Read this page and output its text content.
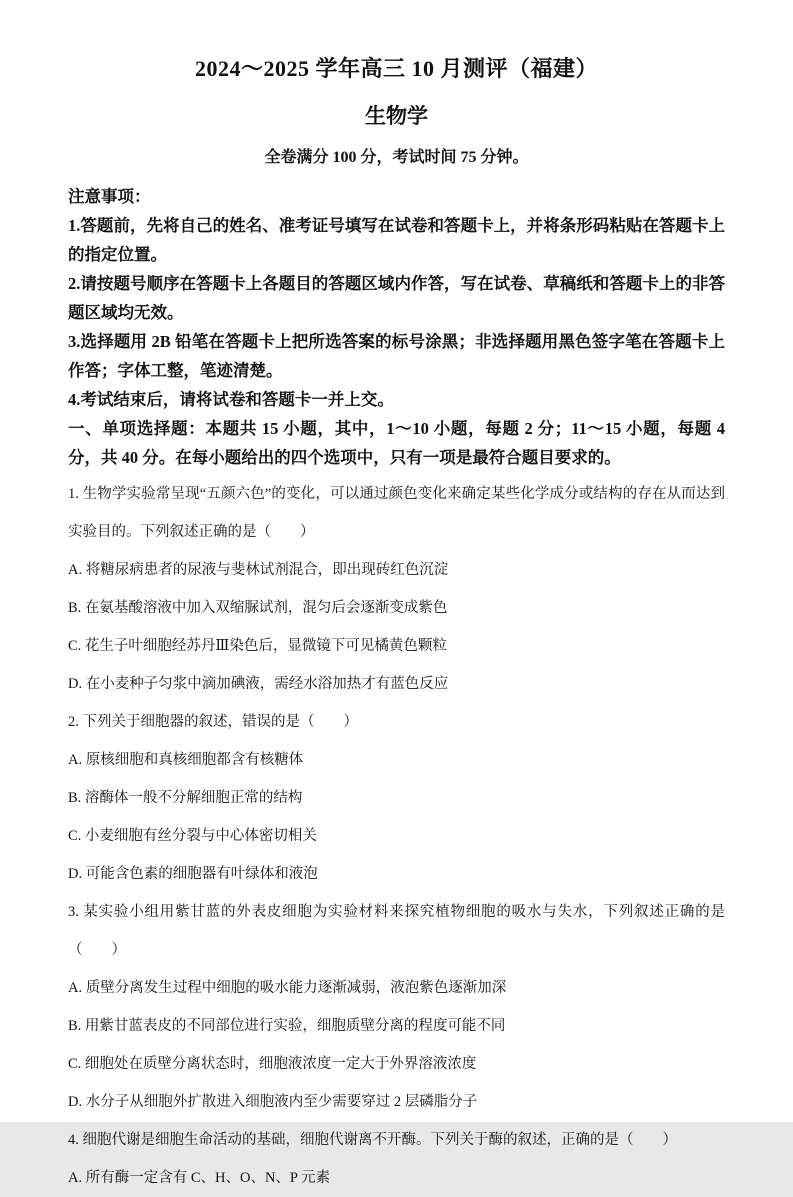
2024～2025 学年高三 10 月测评（福建）
生物学

全卷满分 100 分，考试时间 75 分钟。

注意事项：

1.答题前，先将自己的姓名、准考证号填写在试卷和答题卡上，并将条形码粘贴在答题卡上的指定位置。

2.请按题号顺序在答题卡上各题目的答题区域内作答，写在试卷、草稿纸和答题卡上的非答题区域均无效。

3.选择题用 2B 铅笔在答题卡上把所选答案的标号涂黑；非选择题用黑色签字笔在答题卡上作答；字体工整，笔迹清楚。

4.考试结束后，请将试卷和答题卡一并上交。

一、单项选择题：本题共 15 小题，其中，1～10 小题，每题 2 分；11～15 小题，每题 4 分，共 40 分。在每小题给出的四个选项中，只有一项是最符合题目要求的。

1. 生物学实验常呈现“五颜六色”的变化，可以通过颜色变化来确定某些化学成分或结构的存在从而达到实验目的。下列叙述正确的是（　　）

A. 将糖尿病患者的尿液与斐林试剂混合，即出现砖红色沉淀

B. 在氨基酸溶液中加入双缩脲试剂，混匀后会逐渐变成紫色

C. 花生子叶细胞经苏丹Ⅲ染色后，显微镜下可见橘黄色颗粒

D. 在小麦种子匀浆中滴加碘液，需经水浴加热才有蓝色反应

2. 下列关于细胞器的叙述，错误的是（　　）

A. 原核细胞和真核细胞都含有核糖体

B. 溶酶体一般不分解细胞正常的结构

C. 小麦细胞有丝分裂与中心体密切相关

D. 可能含色素的细胞器有叶绿体和液泡

3. 某实验小组用紫甘蓝的外表皮细胞为实验材料来探究植物细胞的吸水与失水，下列叙述正确的是（　　）

A. 质壁分离发生过程中细胞的吸水能力逐渐减弱，液泡紫色逐渐加深

B. 用紫甘蓝表皮的不同部位进行实验，细胞质壁分离的程度可能不同

C. 细胞处在质壁分离状态时，细胞液浓度一定大于外界溶液浓度

D. 水分子从细胞外扩散进入细胞液内至少需要穿过 2 层磷脂分子

4. 细胞代谢是细胞生命活动的基础，细胞代谢离不开酶。下列关于酶的叙述，正确的是（　　）

A. 所有酶一定含有 C、H、O、N、P 元素
